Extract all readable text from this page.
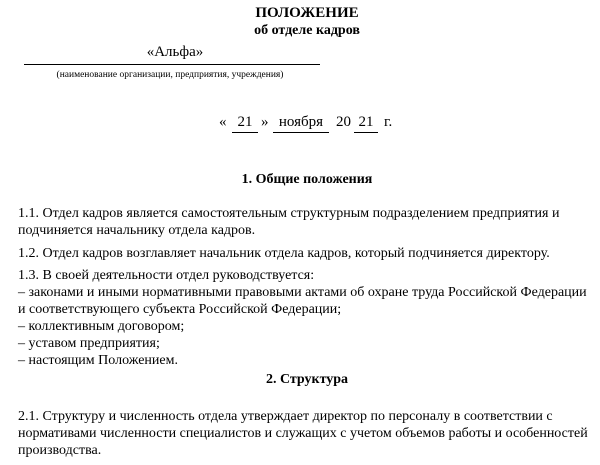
ПОЛОЖЕНИЕ
об отделе кадров
«Альфа»
(наименование организации, предприятия, учреждения)
« 21 » ноября 20 21 г.
1. Общие положения
1.1. Отдел кадров является самостоятельным структурным подразделением предприятия и подчиняется начальнику отдела кадров.
1.2. Отдел кадров возглавляет начальник отдела кадров, который подчиняется директору.
1.3. В своей деятельности отдел руководствуется:
– законами и иными нормативными правовыми актами об охране труда Российской Федерации и соответствующего субъекта Российской Федерации;
– коллективным договором;
– уставом предприятия;
– настоящим Положением.
2. Структура
2.1. Структуру и численность отдела утверждает директор по персоналу в соответствии с нормативами численности специалистов и служащих с учетом объемов работы и особенностей производства.
